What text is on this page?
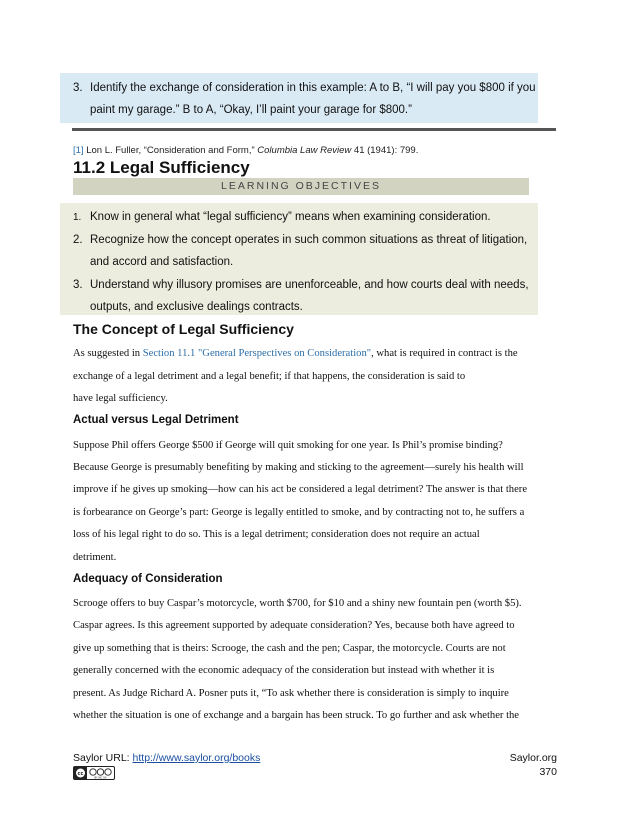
3. Identify the exchange of consideration in this example: A to B, “I will pay you $800 if you
paint my garage.” B to A, “Okay, I’ll paint your garage for $800.”
[1] Lon L. Fuller, “Consideration and Form,” Columbia Law Review 41 (1941): 799.
11.2 Legal Sufficiency
LEARNING OBJECTIVES
1. Know in general what “legal sufficiency” means when examining consideration.
2. Recognize how the concept operates in such common situations as threat of litigation,
and accord and satisfaction.
3. Understand why illusory promises are unenforceable, and how courts deal with needs,
outputs, and exclusive dealings contracts.
The Concept of Legal Sufficiency
As suggested in Section 11.1 "General Perspectives on Consideration", what is required in contract is the
exchange of a legal detriment and a legal benefit; if that happens, the consideration is said to
have legal sufficiency.
Actual versus Legal Detriment
Suppose Phil offers George $500 if George will quit smoking for one year. Is Phil’s promise binding?
Because George is presumably benefiting by making and sticking to the agreement—surely his health will
improve if he gives up smoking—how can his act be considered a legal detriment? The answer is that there
is forbearance on George’s part: George is legally entitled to smoke, and by contracting not to, he suffers a
loss of his legal right to do so. This is a legal detriment; consideration does not require an actual
detriment.
Adequacy of Consideration
Scrooge offers to buy Caspar’s motorcycle, worth $700, for $10 and a shiny new fountain pen (worth $5).
Caspar agrees. Is this agreement supported by adequate consideration? Yes, because both have agreed to
give up something that is theirs: Scrooge, the cash and the pen; Caspar, the motorcycle. Courts are not
generally concerned with the economic adequacy of the consideration but instead with whether it is
present. As Judge Richard A. Posner puts it, “To ask whether there is consideration is simply to inquire
whether the situation is one of exchange and a bargain has been struck. To go further and ask whether the
Saylor URL: http://www.saylor.org/books	Saylor.org
370
cc
BY NC SA
